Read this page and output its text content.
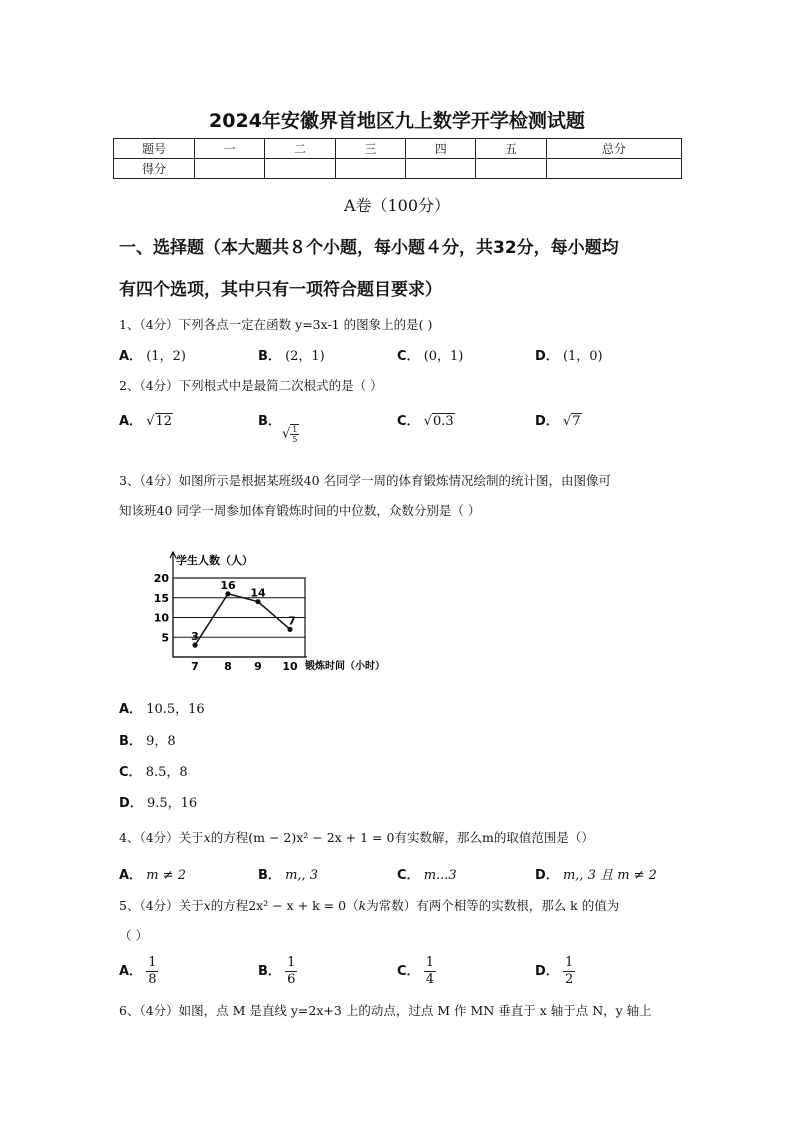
2024年安徽界首地区九上数学开学检测试题
题号	一	二	三	四	五	总分
得分						
A卷（100分）
一、选择题（本大题共８个小题，每小题４分，共32分，每小题均
有四个选项，其中只有一项符合题目要求）
1、（4分）下列各点一定在函数 y=3x-1 的图象上的是( )
A． (1，2)	B． (2，1)	C． (0，1)	D． (1，0)
2、（4分）下列根式中是最简二次根式的是（ ）
A． √12	B．
√ $\frac{1}{5}$
C． √0.3	D． √7
3、（4分）如图所示是根据某班级40 名同学一周的体育锻炼情况绘制的统计图，由图像可
知该班40 同学一周参加体育锻炼时间的中位数，众数分别是（ ）
5
10
15
20
7 8 9 10
3
16
14
7
学生人数（人）
锻炼时间（小时）
A． 10.5，16
B． 9，8
C． 8.5，8
D． 9.5，16
4、（4分）关于x的方程(m − 2)x² − 2x + 1 = 0有实数解，那么m的取值范围是（）
A． m ≠ 2	B． m,, 3	C． m...3	D． m,, 3 且 m ≠ 2
5、（4分）关于x的方程2x² − x + k = 0（k为常数）有两个相等的实数根，那么 k 的值为
（ ）
A． $\frac{1}{8}$	B． $\frac{1}{6}$	C． $\frac{1}{4}$	D． $\frac{1}{2}$
6、（4分）如图，点 M 是直线 y=2x+3 上的动点，过点 M 作 MN 垂直于 x 轴于点 N，y 轴上
